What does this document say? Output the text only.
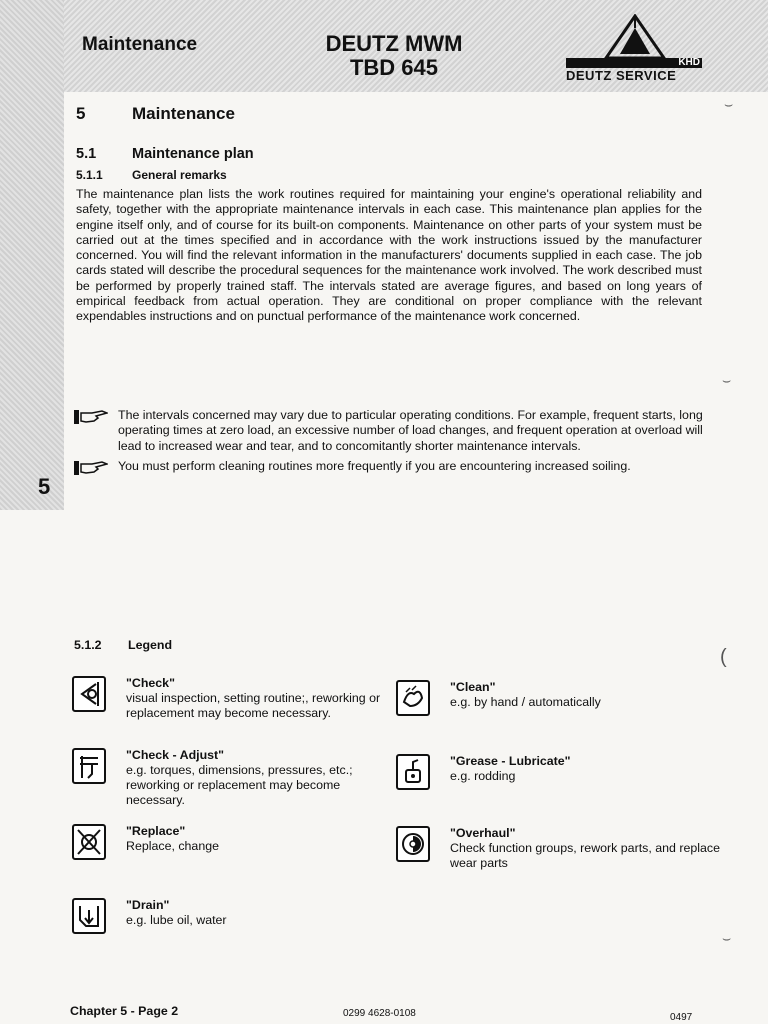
Maintenance	DEUTZ MWM
TBD 645	KHD
DEUTZ SERVICE
5	Maintenance
5.1 Maintenance plan
5.1.1 General remarks
The maintenance plan lists the work routines required for maintaining your engine's operational reliability and safety, together with the appropriate maintenance intervals in each case. This maintenance plan applies for the engine itself only, and of course for its built-on components. Maintenance on other parts of your system must be carried out at the times specified and in accordance with the work instructions issued by the manufacturer concerned. You will find the relevant information in the manufacturers' documents supplied in each case. The job cards stated will describe the procedural sequences for the maintenance work involved. The work described must be performed by properly trained staff. The intervals stated are average figures, and based on long years of empirical feedback from actual operation. They are conditional on proper compliance with the relevant expendables instructions and on punctual performance of the maintenance work concerned.
The intervals concerned may vary due to particular operating conditions. For example, frequent starts, long operating times at zero load, an excessive number of load changes, and frequent operation at overload will lead to increased wear and tear, and to concomitantly shorter maintenance intervals.
You must perform cleaning routines more frequently if you are encountering increased soiling.
5
5.1.2 Legend
"Check"
visual inspection, setting routine;, reworking or replacement may become necessary.
"Clean"
e.g. by hand / automatically
"Check - Adjust"
e.g. torques, dimensions, pressures, etc.; reworking or replacement may become necessary.
"Grease - Lubricate"
e.g. rodding
"Replace"
Replace, change
"Overhaul"
Check function groups, rework parts, and replace wear parts
"Drain"
e.g. lube oil, water
Chapter 5 - Page 2	0299 4628-0108	0497
⌣
⌣
(
⌣
